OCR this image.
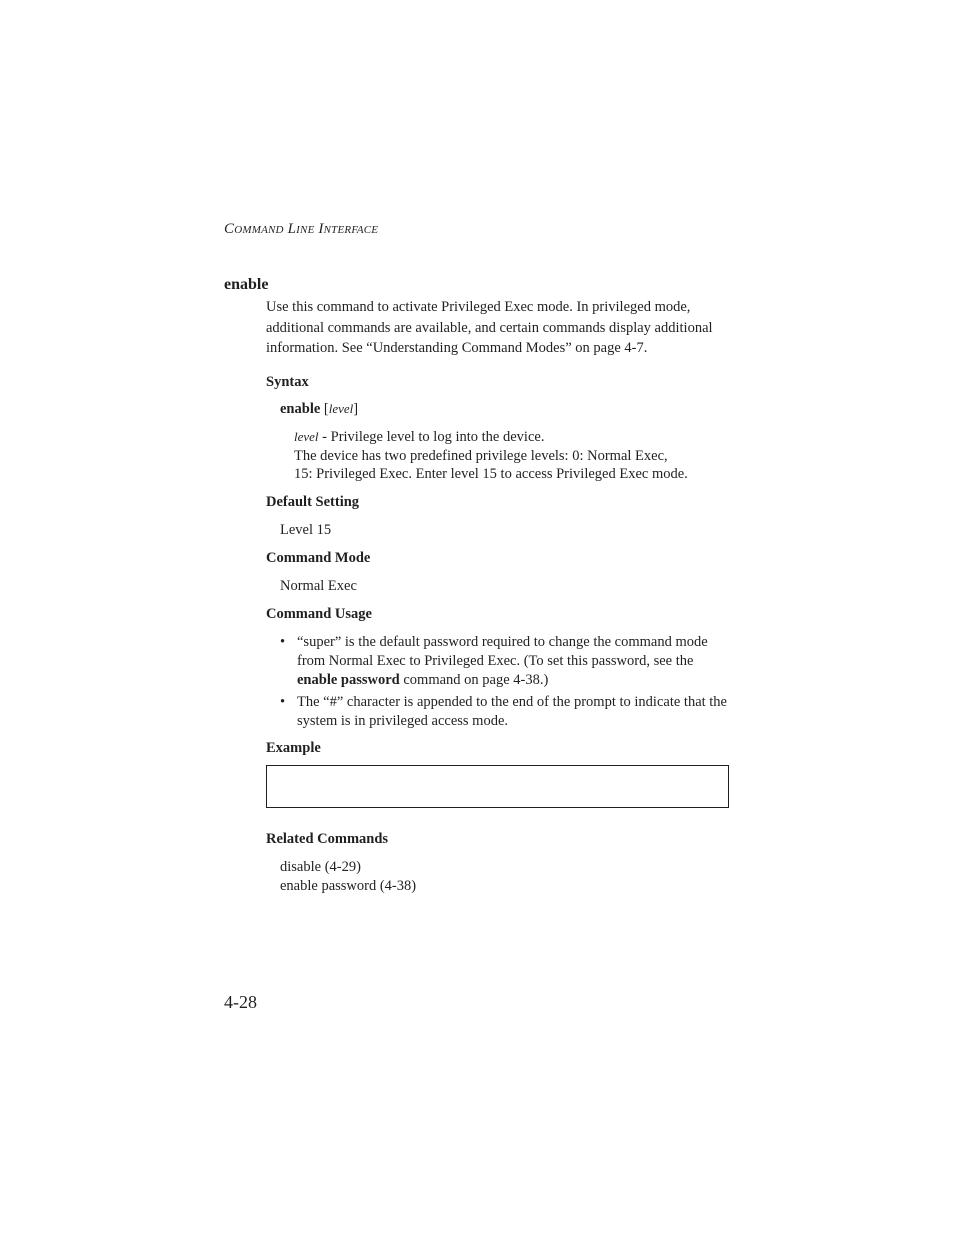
Command Line Interface
enable
Use this command to activate Privileged Exec mode. In privileged mode,
additional commands are available, and certain commands display additional
information. See “Understanding Command Modes” on page 4-7.
Syntax
enable [level]
level - Privilege level to log into the device.
The device has two predefined privilege levels: 0: Normal Exec,
15: Privileged Exec. Enter level 15 to access Privileged Exec mode.
Default Setting
Level 15
Command Mode
Normal Exec
Command Usage
• “super” is the default password required to change the command mode from Normal Exec to Privileged Exec. (To set this password, see the enable password command on page 4-38.)
• The “#” character is appended to the end of the prompt to indicate that the system is in privileged access mode.
Example
Related Commands
disable (4-29)
enable password (4-38)
4-28
